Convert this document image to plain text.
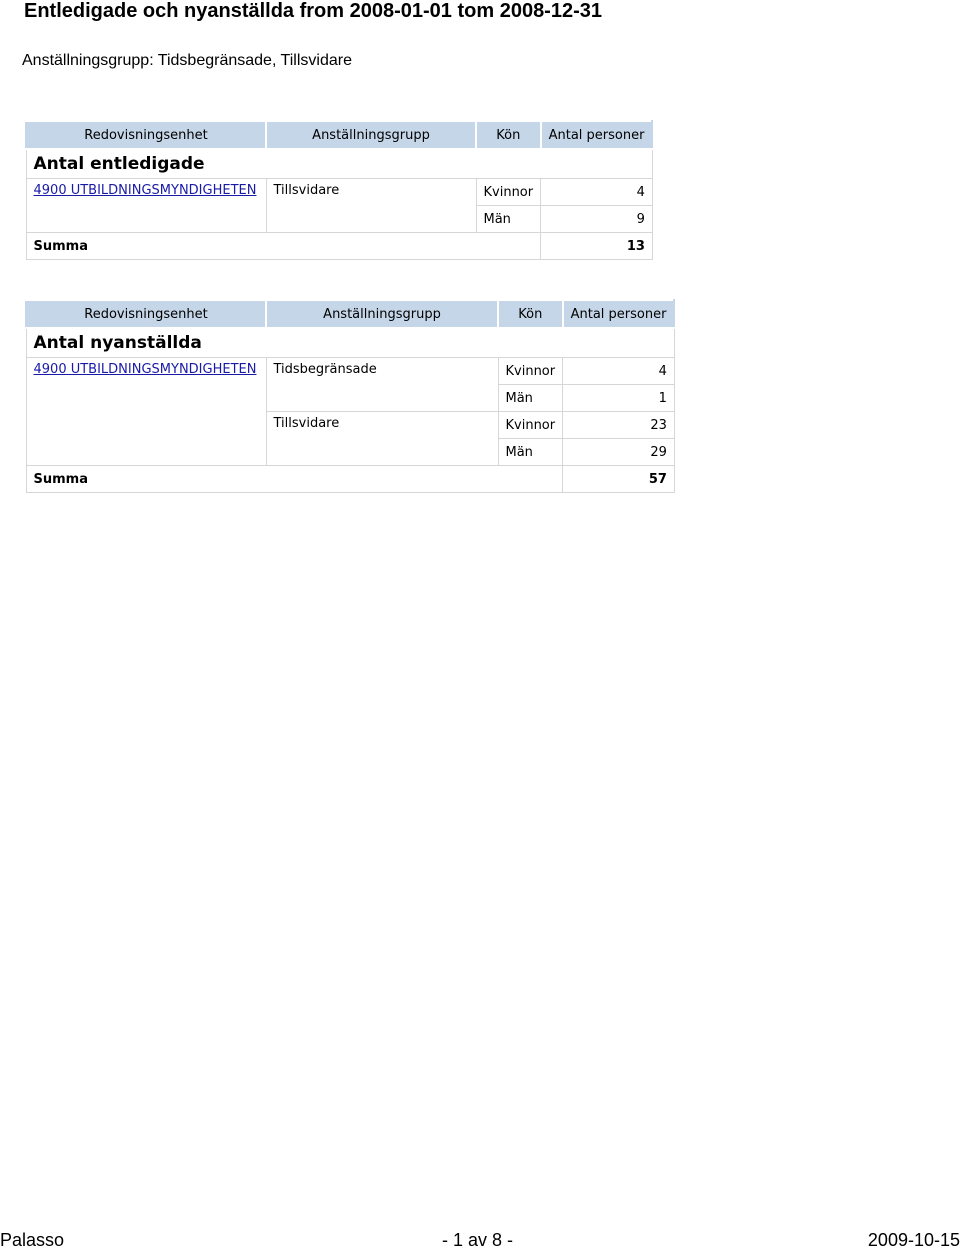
Entledigade och nyanställda from 2008-01-01 tom 2008-12-31

Anställningsgrupp: Tidsbegränsade, Tillsvidare

Redovisningsenhet	Anställningsgrupp	Kön	Antal personer
Antal entledigade			
4900 UTBILDNINGSMYNDIGHETEN	Tillsvidare	Kvinnor	4
		Män	9
Summa			13
Redovisningsenhet	Anställningsgrupp	Kön	Antal personer
Antal nyanställda			
4900 UTBILDNINGSMYNDIGHETEN	Tidsbegränsade	Kvinnor	4
		Män	1
	Tillsvidare	Kvinnor	23
		Män	29
Summa			57
Palasso	- 1 av 8 -	2009-10-15
